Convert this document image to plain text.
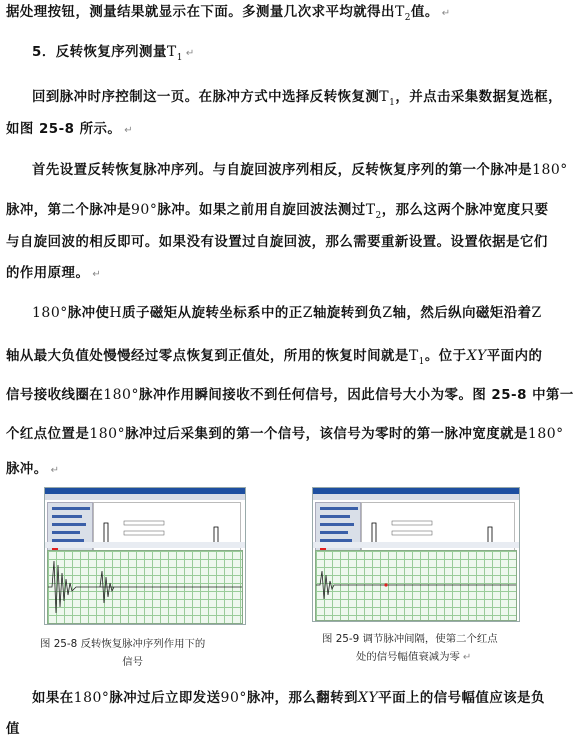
据处理按钮，测量结果就显示在下面。多测量几次求平均就得出$T_2$值。 ↵
5．反转恢复序列测量$T_1$ ↵
回到脉冲时序控制这一页。在脉冲方式中选择反转恢复测$T_1$，并点击采集数据复选框，
如图 25-8 所示。 ↵
首先设置反转恢复脉冲序列。与自旋回波序列相反，反转恢复序列的第一个脉冲是180°
脉冲，第二个脉冲是90°脉冲。如果之前用自旋回波法测过$T_2$，那么这两个脉冲宽度只要
与自旋回波的相反即可。如果没有设置过自旋回波，那么需要重新设置。设置依据是它们
的作用原理。 ↵
180°脉冲使H质子磁矩从旋转坐标系中的正Z轴旋转到负Z轴，然后纵向磁矩沿着Z
轴从最大负值处慢慢经过零点恢复到正值处，所用的恢复时间就是$T_1$。位于XY平面内的
信号接收线圈在180°脉冲作用瞬间接收不到任何信号，因此信号大小为零。图 25-8 中第一
个红点位置是180°脉冲过后采集到的第一个信号，该信号为零时的第一脉冲宽度就是180°
脉冲。 ↵
图 25-8 反转恢复脉冲序列作用下的
信号
图 25-9 调节脉冲间隔，使第二个红点
处的信号幅值衰减为零 ↵
如果在180°脉冲过后立即发送90°脉冲，那么翻转到XY平面上的信号幅值应该是负
值
